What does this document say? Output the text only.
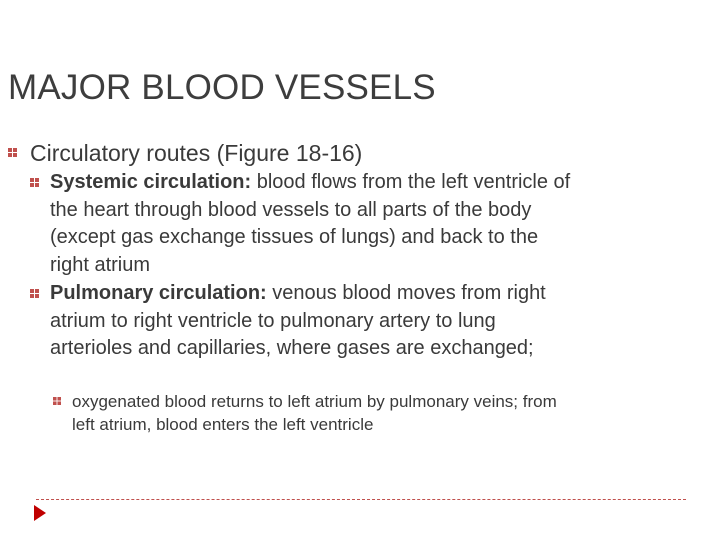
MAJOR BLOOD VESSELS
Circulatory routes (Figure 18-16)
Systemic circulation: blood flows from the left ventricle of the heart through blood vessels to all parts of the body (except gas exchange tissues of lungs) and back to the right atrium
Pulmonary circulation: venous blood moves from right atrium to right ventricle to pulmonary artery to lung arterioles and capillaries, where gases are exchanged;
oxygenated blood returns to left atrium by pulmonary veins; from left atrium, blood enters the left ventricle
